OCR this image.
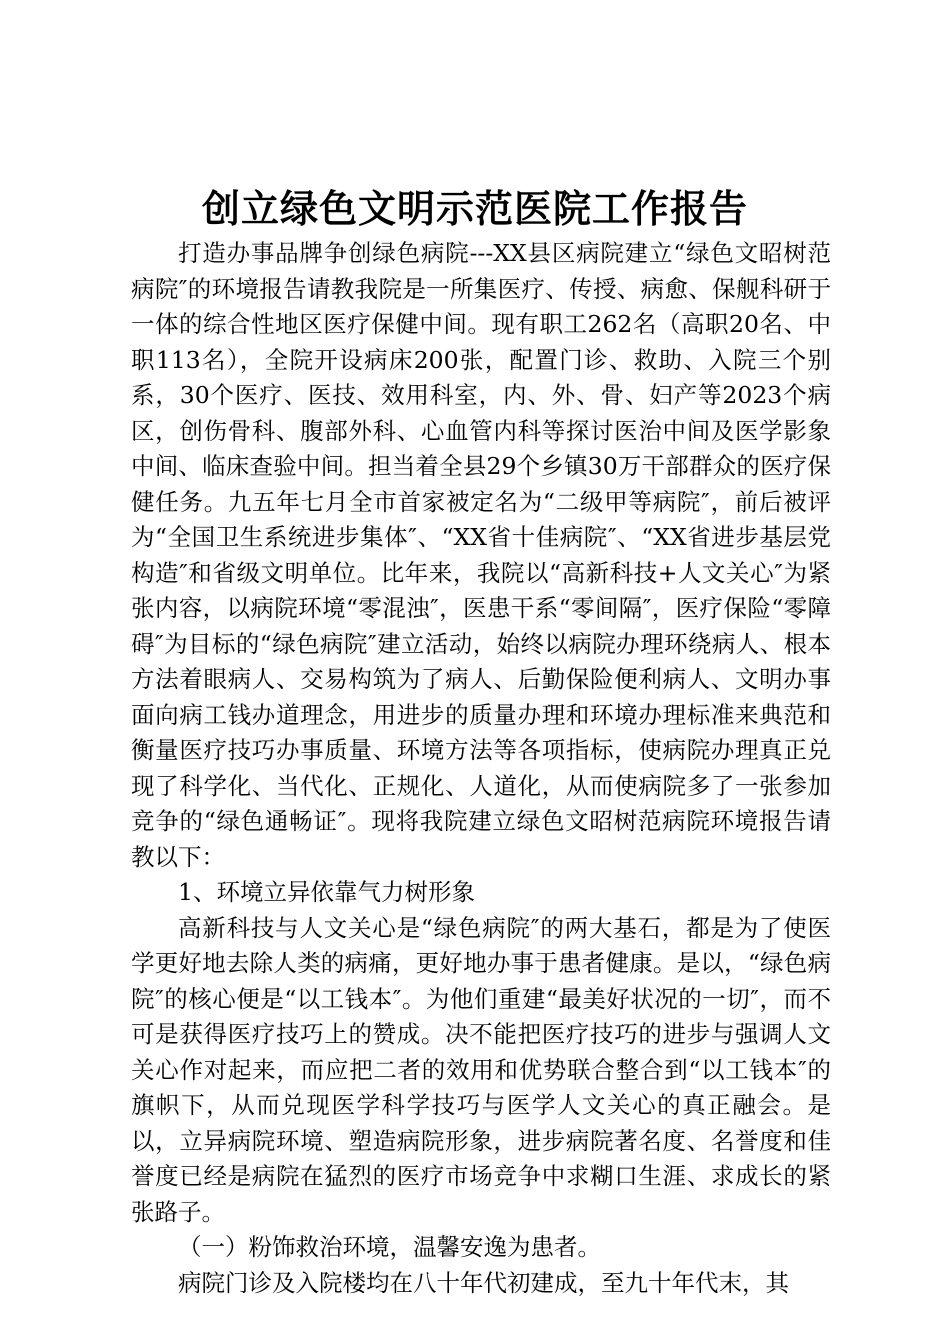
创立绿色文明示范医院工作报告

打造办事品牌争创绿色病院---XX县区病院建立“绿色文昭树范病院″的环境报告请教我院是一所集医疗、传授、病愈、保舰科研于一体的综合性地区医疗保健中间。现有职工262名（高职20名、中职113名），全院开设病床200张，配置门诊、救助、入院三个别系，30个医疗、医技、效用科室，内、外、骨、妇产等2023个病区，创伤骨科、腹部外科、心血管内科等探讨医治中间及医学影象中间、临床查验中间。担当着全县29个乡镇30万干部群众的医疗保健任务。九五年七月全市首家被定名为“二级甲等病院″，前后被评为“全国卫生系统进步集体″、“XX省十佳病院″、“XX省进步基层党构造″和省级文明单位。比年来，我院以“高新科技+人文关心″为紧张内容，以病院环境“零混浊″，医患干系“零间隔″，医疗保险“零障碍″为目标的“绿色病院″建立活动，始终以病院办理环绕病人、根本方法着眼病人、交易构筑为了病人、后勤保险便利病人、文明办事面向病工钱办道理念，用进步的质量办理和环境办理标准来典范和衡量医疗技巧办事质量、环境方法等各项指标，使病院办理真正兑现了科学化、当代化、正规化、人道化，从而使病院多了一张参加竞争的“绿色通畅证″。现将我院建立绿色文昭树范病院环境报告请教以下：

1、环境立异依靠气力树形象

高新科技与人文关心是“绿色病院″的两大基石，都是为了使医学更好地去除人类的病痛，更好地办事于患者健康。是以，“绿色病院″的核心便是“以工钱本″。为他们重建“最美好状况的一切″，而不可是获得医疗技巧上的赞成。决不能把医疗技巧的进步与强调人文关心作对起来，而应把二者的效用和优势联合整合到“以工钱本″的旗帜下，从而兑现医学科学技巧与医学人文关心的真正融会。是以，立异病院环境、塑造病院形象，进步病院著名度、名誉度和佳誉度已经是病院在猛烈的医疗市场竞争中求糊口生涯、求成长的紧张路子。

（一）粉饰救治环境，温馨安逸为患者。

病院门诊及入院楼均在八十年代初建成，至九十年代末，其
